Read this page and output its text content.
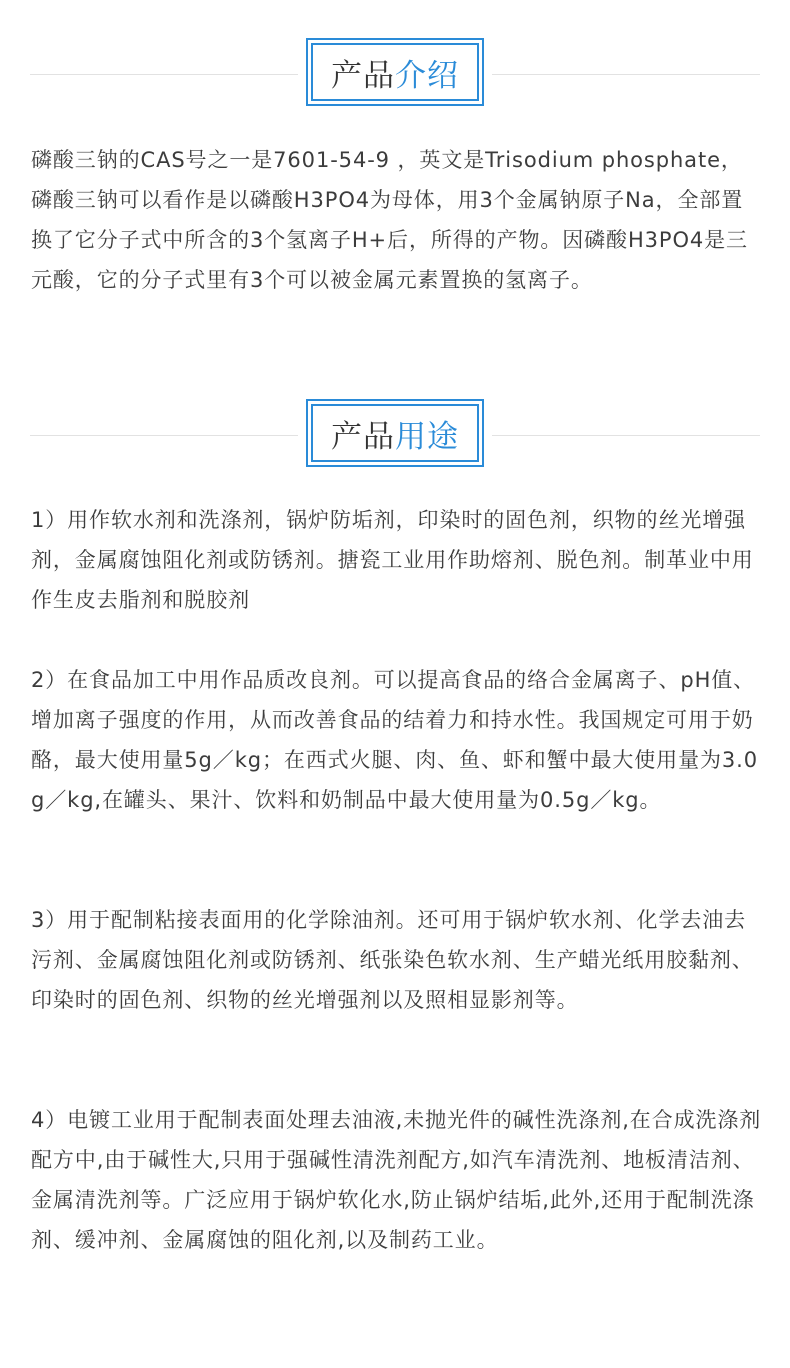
产品 介绍

磷酸三钠的CAS号之一是7601-54-9 ，英文是Trisodium phosphate，磷酸三钠可以看作是以磷酸H3PO4为母体，用3个金属钠原子Na，全部置换了它分子式中所含的3个氢离子H+后，所得的产物。因磷酸H3PO4是三元酸，它的分子式里有3个可以被金属元素置换的氢离子。

产品 用途

1）用作软水剂和洗涤剂，锅炉防垢剂，印染时的固色剂，织物的丝光增强剂，金属腐蚀阻化剂或防锈剂。搪瓷工业用作助熔剂、脱色剂。制革业中用作生皮去脂剂和脱胶剂

2）在食品加工中用作品质改良剂。可以提高食品的络合金属离子、pH值、增加离子强度的作用，从而改善食品的结着力和持水性。我国规定可用于奶酪，最大使用量5g／kg；在西式火腿、肉、鱼、虾和蟹中最大使用量为3.0g／kg,在罐头、果汁、饮料和奶制品中最大使用量为0.5g／kg。

3）用于配制粘接表面用的化学除油剂。还可用于锅炉软水剂、化学去油去污剂、金属腐蚀阻化剂或防锈剂、纸张染色软水剂、生产蜡光纸用胶黏剂、印染时的固色剂、织物的丝光增强剂以及照相显影剂等。

4）电镀工业用于配制表面处理去油液,未抛光件的碱性洗涤剂,在合成洗涤剂配方中,由于碱性大,只用于强碱性清洗剂配方,如汽车清洗剂、地板清洁剂、金属清洗剂等。广泛应用于锅炉软化水,防止锅炉结垢,此外,还用于配制洗涤剂、缓冲剂、金属腐蚀的阻化剂,以及制药工业。
